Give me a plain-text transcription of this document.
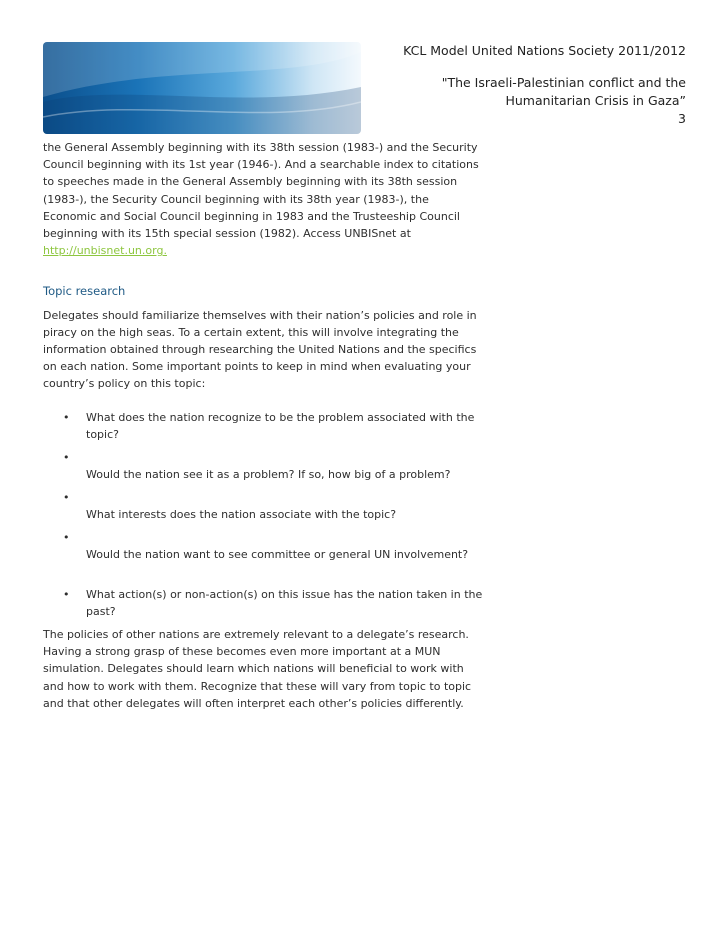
KCL Model United Nations Society 2011/2012
"The Israeli-Palestinian conflict and the
Humanitarian Crisis in Gaza”
3

the General Assembly beginning with its 38th session (1983-) and the Security Council beginning with its 1st year (1946-). And a searchable index to citations to speeches made in the General Assembly beginning with its 38th session (1983-), the Security Council beginning with its 38th year (1983-), the Economic and Social Council beginning in 1983 and the Trusteeship Council beginning with its 15th special session (1982). Access UNBISnet at http://unbisnet.un.org.

Topic research

Delegates should familiarize themselves with their nation’s policies and role in piracy on the high seas. To a certain extent, this will involve integrating the information obtained through researching the United Nations and the specifics on each nation. Some important points to keep in mind when evaluating your country’s policy on this topic:

• What does the nation recognize to be the problem associated with the topic?
•
Would the nation see it as a problem? If so, how big of a problem?
•
What interests does the nation associate with the topic?
•
Would the nation want to see committee or general UN involvement?
• What action(s) or non-action(s) on this issue has the nation taken in the past?

The policies of other nations are extremely relevant to a delegate’s research. Having a strong grasp of these becomes even more important at a MUN simulation. Delegates should learn which nations will beneficial to work with and how to work with them. Recognize that these will vary from topic to topic and that other delegates will often interpret each other’s policies differently.
